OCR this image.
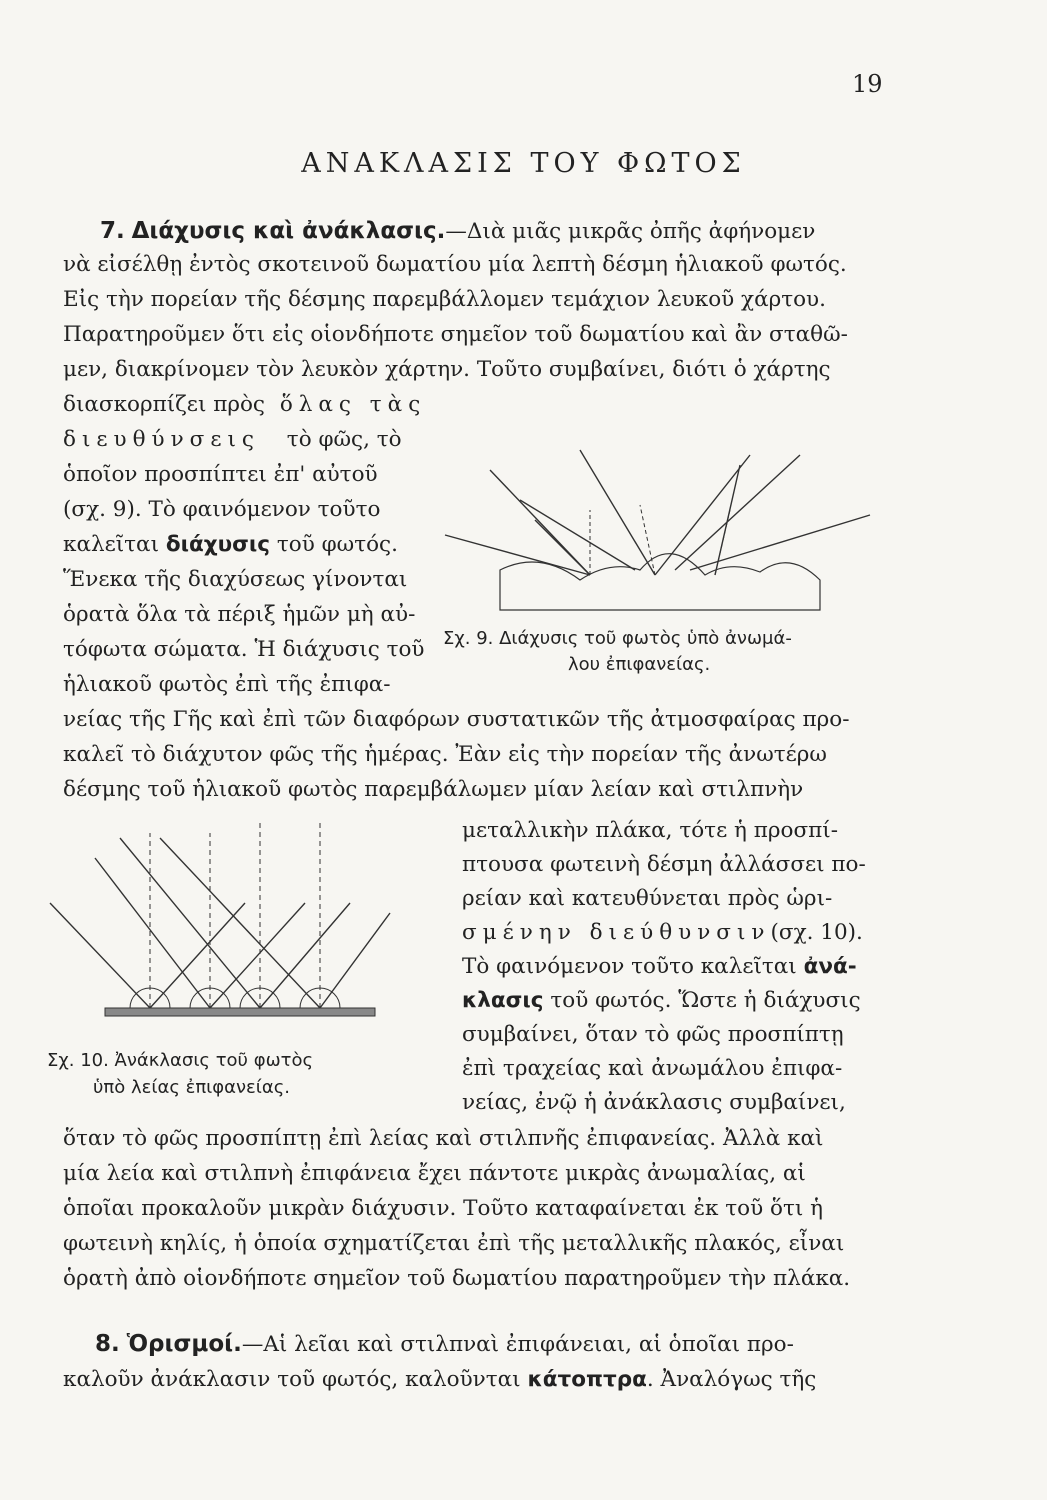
19
ΑΝΑΚΛΑΣΙΣ ΤΟΥ ΦΩΤΟΣ
7. Διάχυσις καὶ ἀνάκλασις.—Διὰ μιᾶς μικρᾶς ὀπῆς ἀφήνομεν
νὰ εἰσέλθῃ ἐντὸς σκοτεινοῦ δωματίου μία λεπτὴ δέσμη ἡλιακοῦ φωτός.
Εἰς τὴν πορείαν τῆς δέσμης παρεμβάλλομεν τεμάχιον λευκοῦ χάρτου.
Παρατηροῦμεν ὅτι εἰς οἱονδήποτε σημεῖον τοῦ δωματίου καὶ ἂν σταθῶ-
μεν, διακρίνομεν τὸν λευκὸν χάρτην. Τοῦτο συμβαίνει, διότι ὁ χάρτης
διασκορπίζει πρὸς ὅλας τὰς
διευθύνσεις τὸ φῶς, τὸ
ὁποῖον προσπίπτει ἐπ' αὐτοῦ
(σχ. 9). Τὸ φαινόμενον τοῦτο
καλεῖται διάχυσις τοῦ φωτός.
Ἕνεκα τῆς διαχύσεως γίνονται
ὁρατὰ ὅλα τὰ πέριξ ἡμῶν μὴ αὐ-
τόφωτα σώματα. Ἡ διάχυσις τοῦ
ἡλιακοῦ φωτὸς ἐπὶ τῆς ἐπιφα-
νείας τῆς Γῆς καὶ ἐπὶ τῶν διαφόρων συστατικῶν τῆς ἀτμοσφαίρας προ-
καλεῖ τὸ διάχυτον φῶς τῆς ἡμέρας. Ἐὰν εἰς τὴν πορείαν τῆς ἀνωτέρω
δέσμης τοῦ ἡλιακοῦ φωτὸς παρεμβάλωμεν μίαν λείαν καὶ στιλπνὴν
Σχ. 9. Διάχυσις τοῦ φωτὸς ὑπὸ ἀνωμά-
λου ἐπιφανείας.
Σχ. 10. Ἀνάκλασις τοῦ φωτὸς
ὑπὸ λείας ἐπιφανείας.
μεταλλικὴν πλάκα, τότε ἡ προσπί-
πτουσα φωτεινὴ δέσμη ἀλλάσσει πο-
ρείαν καὶ κατευθύνεται πρὸς ὡρι-
σμένην διεύθυνσιν(σχ. 10).
Τὸ φαινόμενον τοῦτο καλεῖται ἀνά-
κλασις τοῦ φωτός. Ὥστε ἡ διάχυσις
συμβαίνει, ὅταν τὸ φῶς προσπίπτῃ
ἐπὶ τραχείας καὶ ἀνωμάλου ἐπιφα-
νείας, ἐνῷ ἡ ἀνάκλασις συμβαίνει,
ὅταν τὸ φῶς προσπίπτῃ ἐπὶ λείας καὶ στιλπνῆς ἐπιφανείας. Ἀλλὰ καὶ
μία λεία καὶ στιλπνὴ ἐπιφάνεια ἔχει πάντοτε μικρὰς ἀνωμαλίας, αἱ
ὁποῖαι προκαλοῦν μικρὰν διάχυσιν. Τοῦτο καταφαίνεται ἐκ τοῦ ὅτι ἡ
φωτεινὴ κηλίς, ἡ ὁποία σχηματίζεται ἐπὶ τῆς μεταλλικῆς πλακός, εἶναι
ὁρατὴ ἀπὸ οἱονδήποτε σημεῖον τοῦ δωματίου παρατηροῦμεν τὴν πλάκα.
8. Ὁρισμοί.—Αἱ λεῖαι καὶ στιλπναὶ ἐπιφάνειαι, αἱ ὁποῖαι προ-
καλοῦν ἀνάκλασιν τοῦ φωτός, καλοῦνται κάτοπτρα. Ἀναλόγως τῆς
